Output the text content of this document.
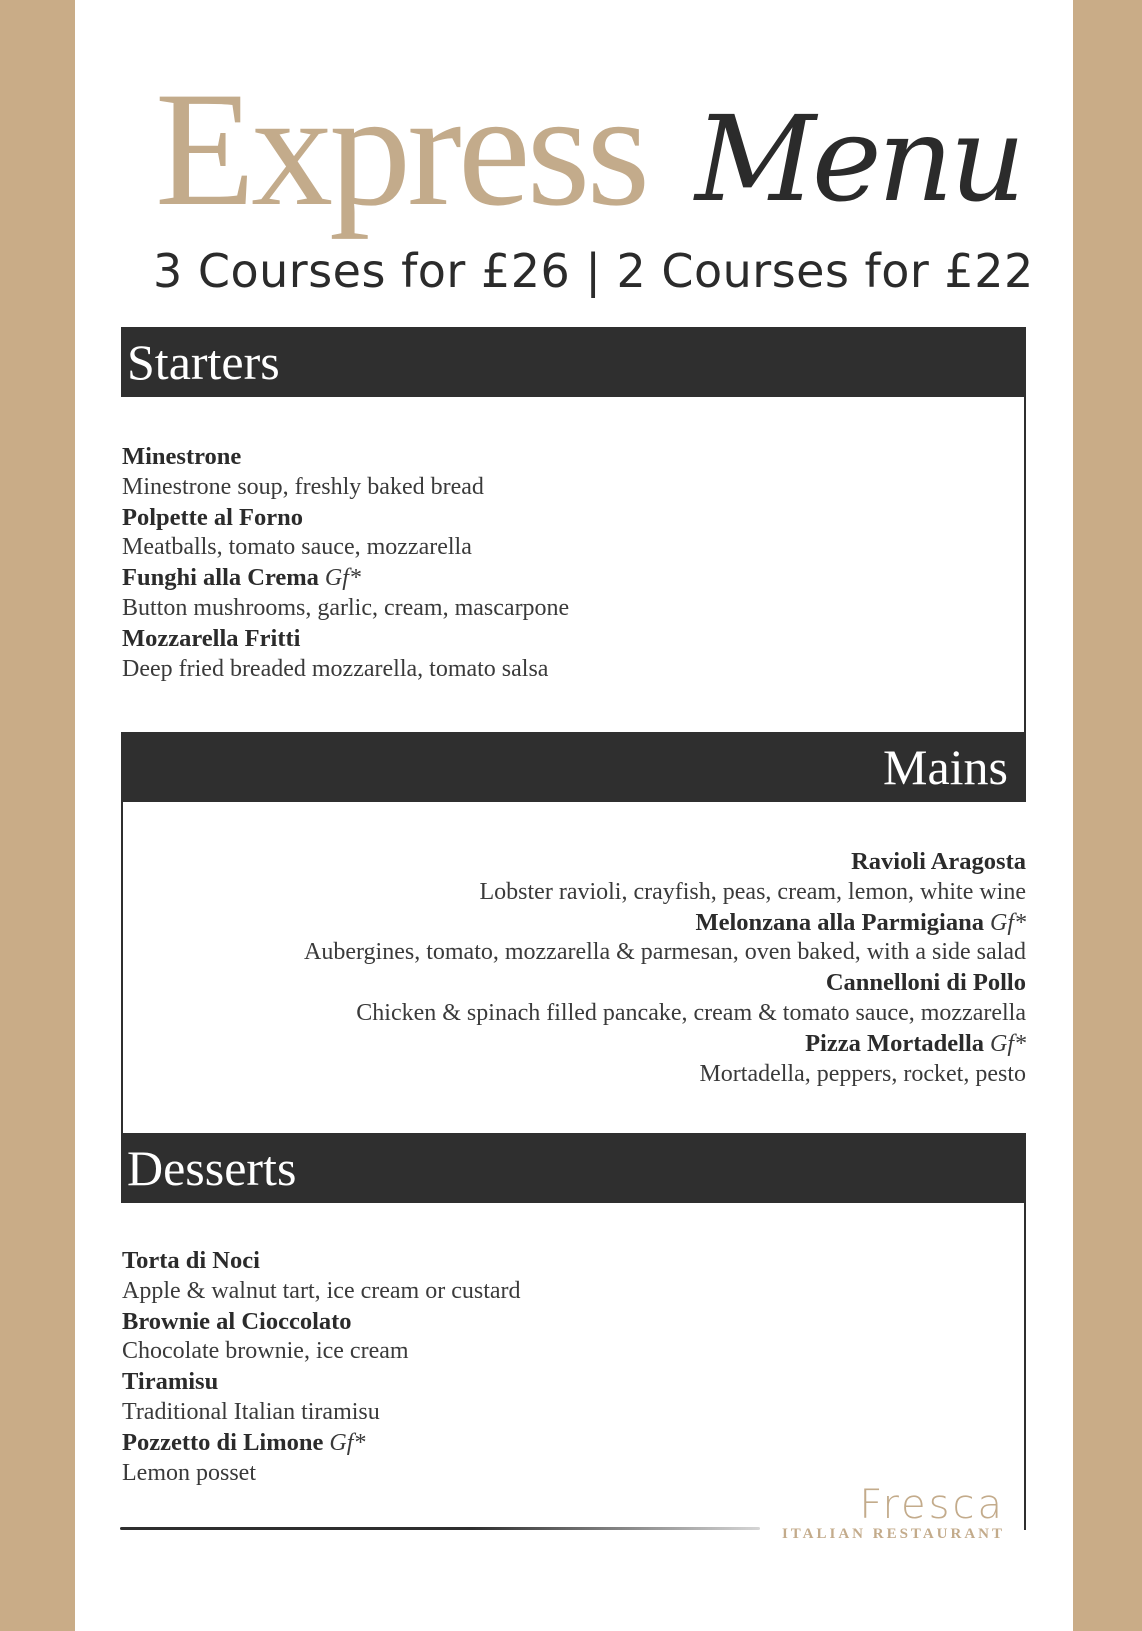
Express Menu
3 Courses for £26 | 2 Courses for £22
Starters
Minestrone
Minestrone soup, freshly baked bread
Polpette al Forno
Meatballs, tomato sauce, mozzarella
Funghi alla Crema Gf*
Button mushrooms, garlic, cream, mascarpone
Mozzarella Fritti
Deep fried breaded mozzarella, tomato salsa
Mains
Ravioli Aragosta
Lobster ravioli, crayfish, peas, cream, lemon, white wine
Melonzana alla Parmigiana Gf*
Aubergines, tomato, mozzarella & parmesan, oven baked, with a side salad
Cannelloni di Pollo
Chicken & spinach filled pancake, cream & tomato sauce, mozzarella
Pizza Mortadella Gf*
Mortadella, peppers, rocket, pesto
Desserts
Torta di Noci
Apple & walnut tart, ice cream or custard
Brownie al Cioccolato
Chocolate brownie, ice cream
Tiramisu
Traditional Italian tiramisu
Pozzetto di Limone Gf*
Lemon posset
Fresca
ITALIAN RESTAURANT
